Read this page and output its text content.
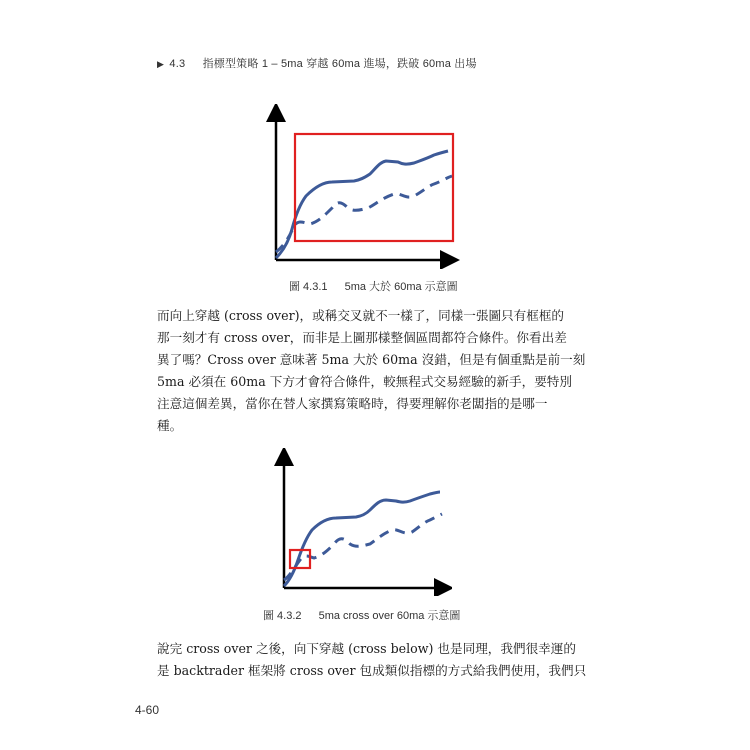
▶ 4.3 指標型策略 1 – 5ma 穿越 60ma 進場，跌破 60ma 出場
圖 4.3.1 5ma 大於 60ma 示意圖
而向上穿越 (cross over)，或稱交叉就不一樣了，同樣一張圖只有框框的
那一刻才有 cross over，而非是上圖那樣整個區間都符合條件。你看出差
異了嗎？Cross over 意味著 5ma 大於 60ma 沒錯，但是有個重點是前一刻
5ma 必須在 60ma 下方才會符合條件，較無程式交易經驗的新手，要特別
注意這個差異，當你在替人家撰寫策略時，得要理解你老闆指的是哪一
種。
圖 4.3.2 5ma cross over 60ma 示意圖
說完 cross over 之後，向下穿越 (cross below) 也是同理，我們很幸運的
是 backtrader 框架將 cross over 包成類似指標的方式給我們使用，我們只
4-60
